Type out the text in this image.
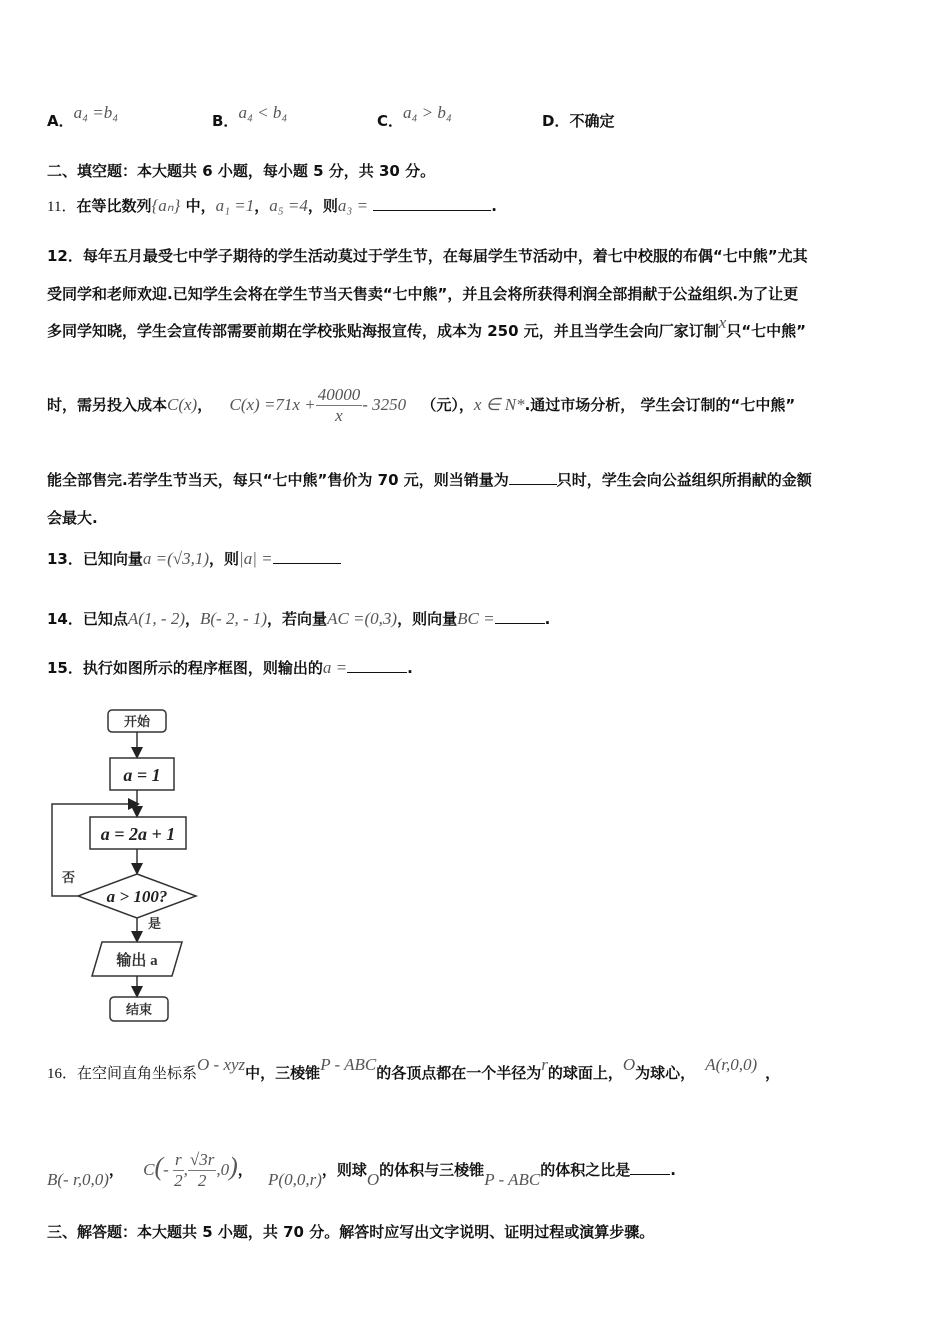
A．a₄ =b₄	B．a₄ < b₄	C．a₄ > b₄	D．不确定
二、填空题：本大题共 6 小题，每小题 5 分，共 30 分。
11．在等比数列{aₙ} 中，a₁ =1，a₅ =4，则a₃ =	.
12．每年五月最受七中学子期待的学生活动莫过于学生节，在每届学生节活动中，着七中校服的布偶“七中熊”尤其
受同学和老师欢迎.已知学生会将在学生节当天售卖“七中熊”，并且会将所获得利润全部捐献于公益组织.为了让更
多同学知晓，学生会宣传部需要前期在学校张贴海报宣传，成本为 250 元，并且当学生会向厂家订制x只“七中熊”
时，需另投入成本C(x)， $C(x) =71x + \frac{40000}{x} - 3250$ （元），x ∈ N*.通过市场分析， 学生会订制的“七中熊”
能全部售完.若学生节当天，每只“七中熊”售价为 70 元，则当销量为	只时，学生会向公益组织所捐献的金额
会最大.
13．已知向量a =(√3,1)，则|a| =
14．已知点A(1, - 2)，B(- 2, - 1)，若向量AC =(0,3)，则向量BC =	.
15．执行如图所示的程序框图，则输出的a =	.
开始
a = 1
a = 2a + 1
a > 100?
否
是
输出 a
结束
16．在空间直角坐标系O - xyz中，三棱锥P - ABC的各顶点都在一个半径为r的球面上，O为球心， A(r,0,0) ，
B(- r,0,0)， $C(- \frac{r}{2}$ , $\frac{√3r}{2} ,0$)， P(0,0,r)，则球O的体积与三棱锥P - ABC的体积之比是	.
三、解答题：本大题共 5 小题，共 70 分。解答时应写出文字说明、证明过程或演算步骤。
